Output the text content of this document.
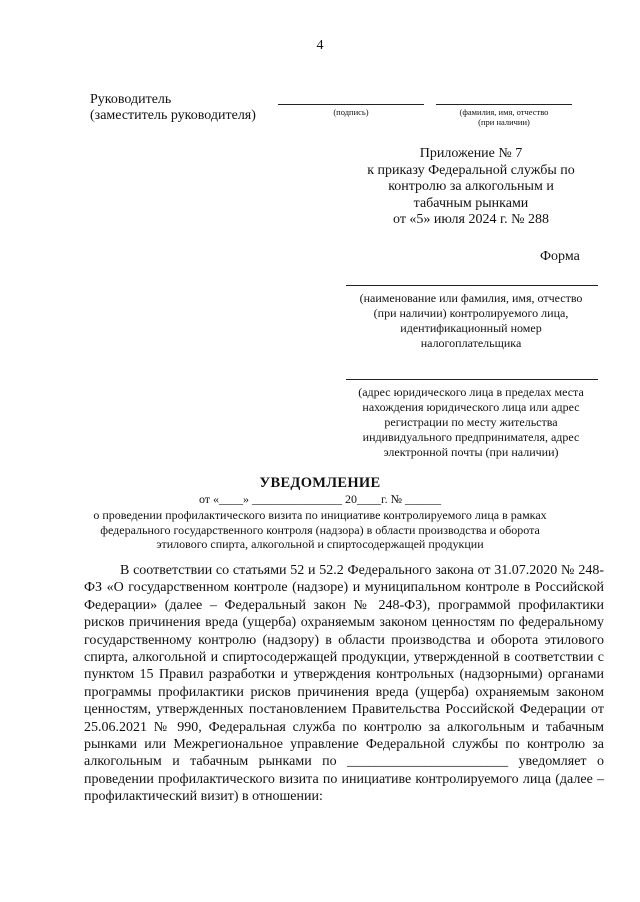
4
Руководитель
(заместитель руководителя)	(подпись)	(фамилия, имя, отчество
(при наличии)
Приложение № 7
к приказу Федеральной службы по
контролю за алкогольным и
табачным рынками
от «5» июля 2024 г. № 288
Форма
(наименование или фамилия, имя, отчество
(при наличии) контролируемого лица,
идентификационный номер
налогоплательщика
(адрес юридического лица в пределах места
нахождения юридического лица или адрес
регистрации по месту жительства
индивидуального предпринимателя, адрес
электронной почты (при наличии)
УВЕДОМЛЕНИЕ
от «____» _______________ 20____г. № ______
о проведении профилактического визита по инициативе контролируемого лица в рамках
федерального государственного контроля (надзора) в области производства и оборота
этилового спирта, алкогольной и спиртосодержащей продукции

В соответствии со статьями 52 и 52.2 Федерального закона от 31.07.2020 № 248-ФЗ «О государственном контроле (надзоре) и муниципальном контроле в Российской Федерации» (далее – Федеральный закон № 248-ФЗ), программой профилактики рисков причинения вреда (ущерба) охраняемым законом ценностям по федеральному государственному контролю (надзору) в области производства и оборота этилового спирта, алкогольной и спиртосодержащей продукции, утвержденной в соответствии с пунктом 15 Правил разработки и утверждения контрольных (надзорными) органами программы профилактики рисков причинения вреда (ущерба) охраняемым законом ценностям, утвержденных постановлением Правительства Российской Федерации от 25.06.2021 № 990, Федеральная служба по контролю за алкогольным и табачным рынками или Межрегиональное управление Федеральной службы по контролю за алкогольным и табачным рынками по _______________________ уведомляет о проведении профилактического визита по инициативе контролируемого лица (далее – профилактический визит) в отношении:
